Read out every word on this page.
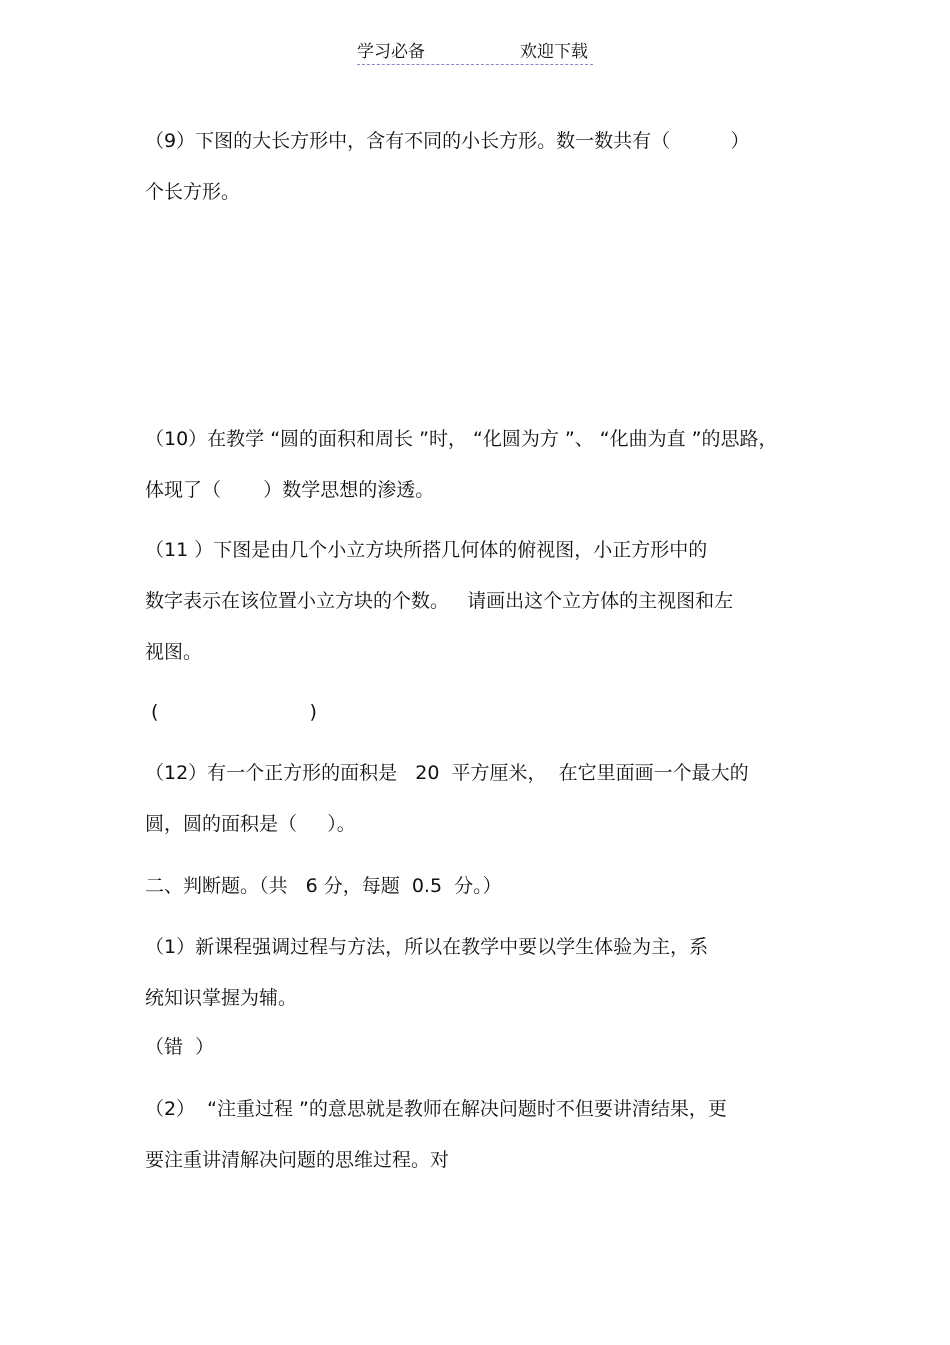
学习必备	欢迎下载
（9）下图的大长方形中，含有不同的小长方形。数一数共有（          ）
个长方形。
（10）在教学 “圆的面积和周长 ”时， “化圆为方 ”、 “化曲为直 ”的思路，
体现了（       ）数学思想的渗透。
（11 ）下图是由几个小立方块所搭几何体的俯视图，小正方形中的
数字表示在该位置小立方块的个数。   请画出这个立方体的主视图和左
视图。
(                         )
（12）有一个正方形的面积是   20  平方厘米，  在它里面画一个最大的
圆，圆的面积是（     ）。
二、判断题。（共   6 分，每题  0.5  分。）
（1）新课程强调过程与方法，所以在教学中要以学生体验为主，系
统知识掌握为辅。
（错  ）
（2）  “注重过程 ”的意思就是教师在解决问题时不但要讲清结果，更
要注重讲清解决问题的思维过程。对
